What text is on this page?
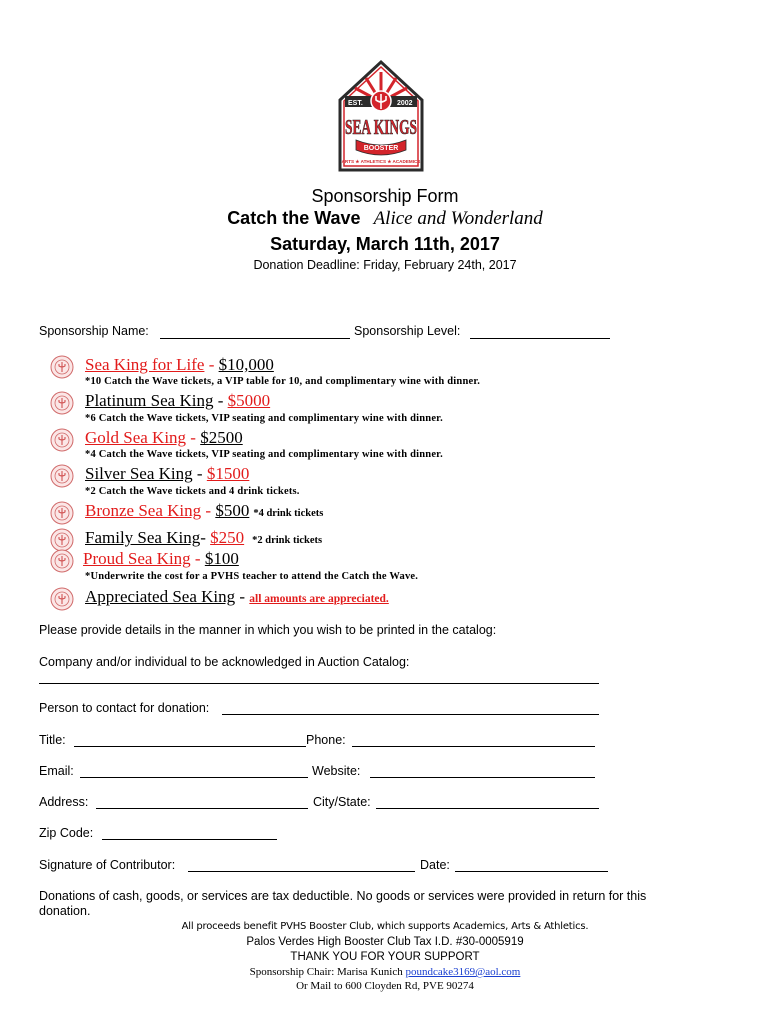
EST.	2002
SEA KINGS
BOOSTER
ARTS ★ ATHLETICS ★ ACADEMICS
Sponsorship Form
Catch the Wave Alice and Wonderland
Saturday, March 11th, 2017
Donation Deadline: Friday, February 24th, 2017
Sponsorship Name:	Sponsorship Level:
Sea King for Life - $10,000
*10 Catch the Wave tickets, a VIP table for 10, and complimentary wine with dinner.
Platinum Sea King - $5000
*6 Catch the Wave tickets, VIP seating and complimentary wine with dinner.
Gold Sea King - $2500
*4 Catch the Wave tickets, VIP seating and complimentary wine with dinner.
Silver Sea King - $1500
*2 Catch the Wave tickets and 4 drink tickets.
Bronze Sea King - $500 *4 drink tickets
Family Sea King- $250 *2 drink tickets
Proud Sea King - $100
*Underwrite the cost for a PVHS teacher to attend the Catch the Wave.
Appreciated Sea King - all amounts are appreciated.
Please provide details in the manner in which you wish to be printed in the catalog:
Company and/or individual to be acknowledged in Auction Catalog:
Person to contact for donation:
Title:	Phone:
Email:	Website:
Address:	City/State:
Zip Code:
Signature of Contributor:	Date:
Donations of cash, goods, or services are tax deductible. No goods or services were provided in return for this donation.
All proceeds benefit PVHS Booster Club, which supports Academics, Arts & Athletics.
Palos Verdes High Booster Club Tax I.D. #30-0005919
THANK YOU FOR YOUR SUPPORT
Sponsorship Chair: Marisa Kunich poundcake3169@aol.com
Or Mail to 600 Cloyden Rd, PVE 90274
